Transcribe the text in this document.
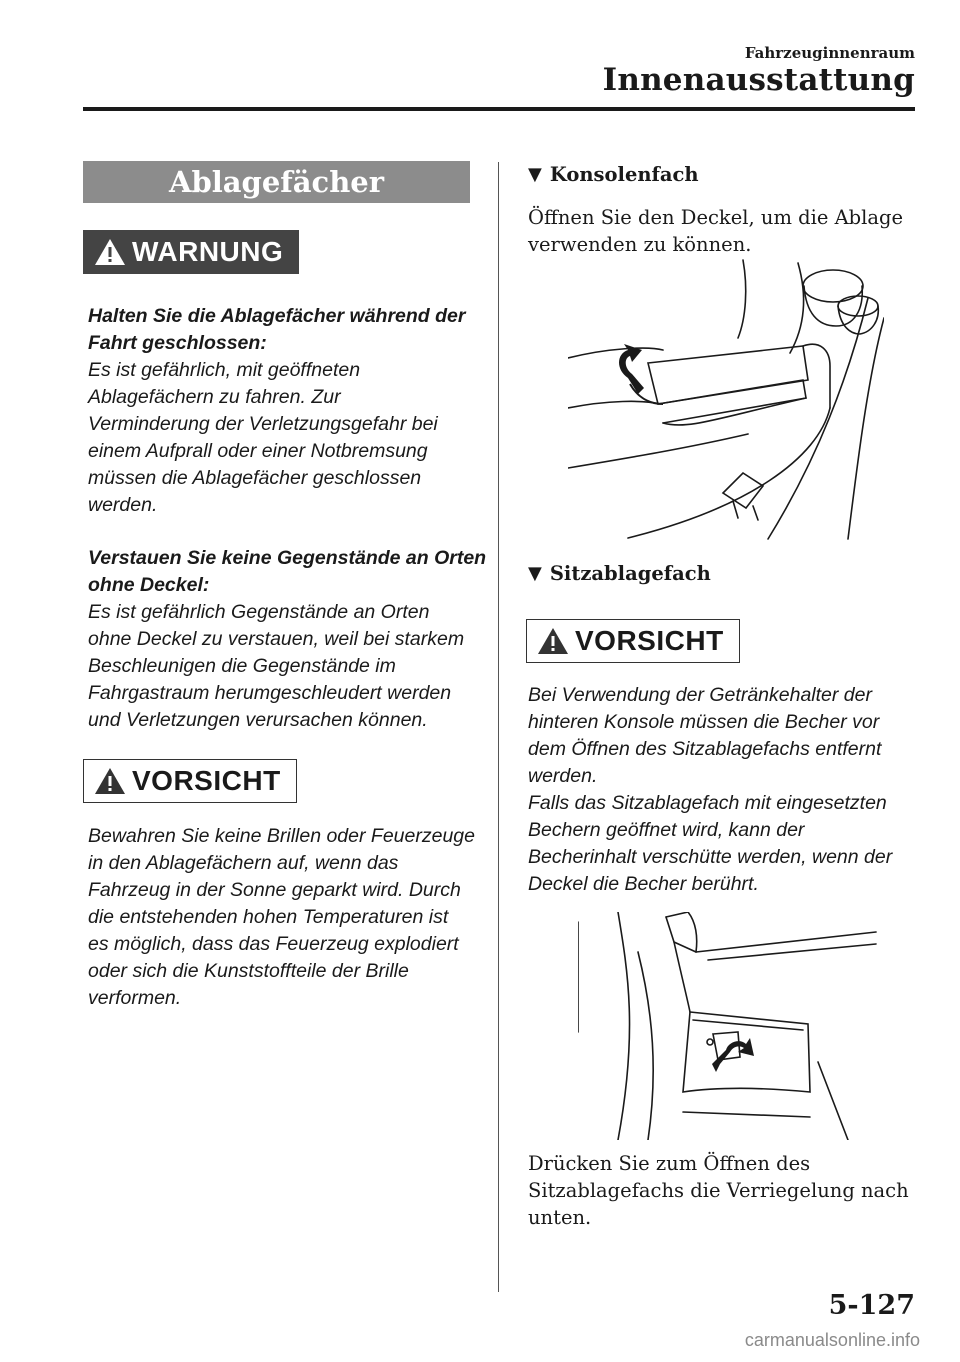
Fahrzeuginnenraum
Innenausstattung
Ablagefächer
WARNUNG
Halten Sie die Ablagefächer während der
Fahrt geschlossen:
Es ist gefährlich, mit geöffneten
Ablagefächern zu fahren. Zur
Verminderung der Verletzungsgefahr bei
einem Aufprall oder einer Notbremsung
müssen die Ablagefächer geschlossen
werden.
Verstauen Sie keine Gegenstände an Orten
ohne Deckel:
Es ist gefährlich Gegenstände an Orten
ohne Deckel zu verstauen, weil bei starkem
Beschleunigen die Gegenstände im
Fahrgastraum herumgeschleudert werden
und Verletzungen verursachen können.
VORSICHT
Bewahren Sie keine Brillen oder Feuerzeuge
in den Ablagefächern auf, wenn das
Fahrzeug in der Sonne geparkt wird. Durch
die entstehenden hohen Temperaturen ist
es möglich, dass das Feuerzeug explodiert
oder sich die Kunststoffteile der Brille
verformen.
▼ Konsolenfach
Öffnen Sie den Deckel, um die Ablage
verwenden zu können.
▼ Sitzablagefach
VORSICHT
Bei Verwendung der Getränkehalter der
hinteren Konsole müssen die Becher vor
dem Öffnen des Sitzablagefachs entfernt
werden.
Falls das Sitzablagefach mit eingesetzten
Bechern geöffnet wird, kann der
Becherinhalt verschütte werden, wenn der
Deckel die Becher berührt.
Drücken Sie zum Öffnen des
Sitzablagefachs die Verriegelung nach
unten.
5-127
carmanualsonline.info
